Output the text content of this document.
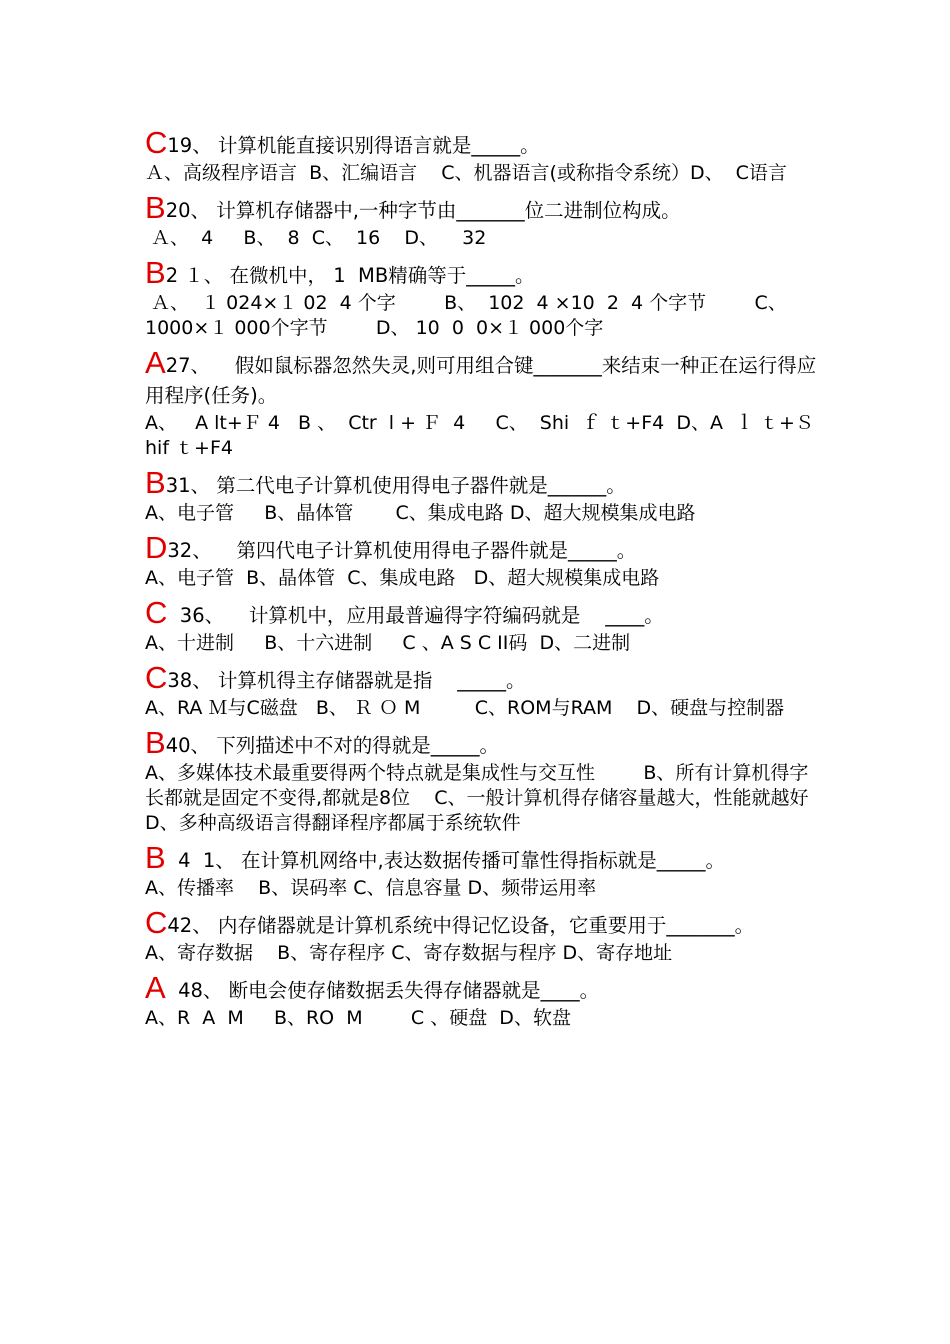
C19、 计算机能直接识别得语言就是_____。
Ａ、高级程序语言  B、汇编语言    C、机器语言(或称指令系统）D、  C语言
B20、 计算机存储器中,一种字节由_______位二进制位构成。
Ａ、  4     B、  8  C、  16    D、    32
B2 １、 在微机中， 1  MB精确等于_____。
Ａ、  １ 024×１ 02  4 个字        B、  102  4 ×10  2  4 个字节        C、1000×１ 000个字节        D、 10  0  0×１ 000个字
A27、    假如鼠标器忽然失灵,则可用组合键_______来结束一种正在运行得应用程序(任务)。
A、   A lt+Ｆ 4   B 、  Ctr  l + Ｆ  4     C、  Shi  ｆ ｔ+F4  D、A  ｌ ｔ+Ｓ hif ｔ+F4
B31、 第二代电子计算机使用得电子器件就是______。
A、电子管     B、晶体管       C、集成电路 D、超大规模集成电路
D32、    第四代电子计算机使用得电子器件就是_____。
A、电子管  B、晶体管  C、集成电路   D、超大规模集成电路
C  36、    计算机中，应用最普遍得字符编码就是    ____。
A、十进制     B、十六进制     C 、A S C II码  D、二进制
C38、 计算机得主存储器就是指    _____。
A、RA Ｍ与C磁盘   B、 Ｒ Ｏ M         C、ROM与RAM    D、硬盘与控制器
B40、 下列描述中不对的得就是_____。
A、多媒体技术最重要得两个特点就是集成性与交互性        B、所有计算机得字长都就是固定不变得,都就是8位    C、一般计算机得存储容量越大，性能就越好   D、多种高级语言得翻译程序都属于系统软件
B  4  1、 在计算机网络中,表达数据传播可靠性得指标就是_____。
A、传播率    B、误码率 C、信息容量 D、频带运用率
C42、 内存储器就是计算机系统中得记忆设备，它重要用于_______。
A、寄存数据    B、寄存程序 C、寄存数据与程序 D、寄存地址
A  48、 断电会使存储数据丢失得存储器就是____。
A、R  A  M     B、RO  M        C 、硬盘  D、软盘
